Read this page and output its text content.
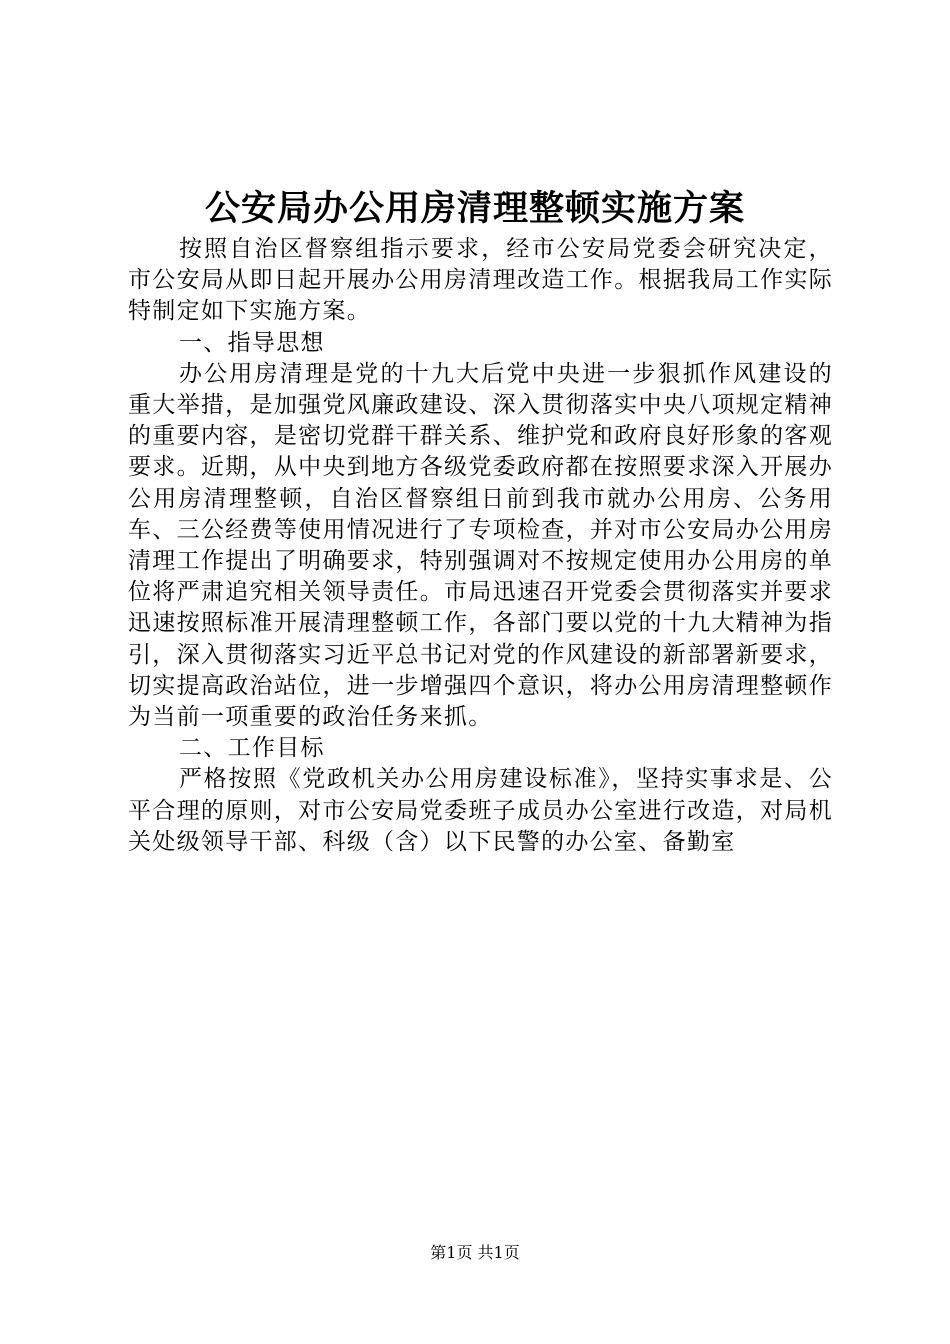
公安局办公用房清理整顿实施方案

按照自治区督察组指示要求，经市公安局党委会研究决定，市公安局从即日起开展办公用房清理改造工作。根据我局工作实际特制定如下实施方案。

一、指导思想

办公用房清理是党的十九大后党中央进一步狠抓作风建设的重大举措，是加强党风廉政建设、深入贯彻落实中央八项规定精神的重要内容，是密切党群干群关系、维护党和政府良好形象的客观要求。近期，从中央到地方各级党委政府都在按照要求深入开展办公用房清理整顿，自治区督察组日前到我市就办公用房、公务用车、三公经费等使用情况进行了专项检查，并对市公安局办公用房清理工作提出了明确要求，特别强调对不按规定使用办公用房的单位将严肃追究相关领导责任。市局迅速召开党委会贯彻落实并要求迅速按照标准开展清理整顿工作，各部门要以党的十九大精神为指引，深入贯彻落实习近平总书记对党的作风建设的新部署新要求，切实提高政治站位，进一步增强四个意识，将办公用房清理整顿作为当前一项重要的政治任务来抓。

二、工作目标

严格按照《党政机关办公用房建设标准》，坚持实事求是、公平合理的原则，对市公安局党委班子成员办公室进行改造，对局机关处级领导干部、科级（含）以下民警的办公室、备勤室

第1页 共1页
